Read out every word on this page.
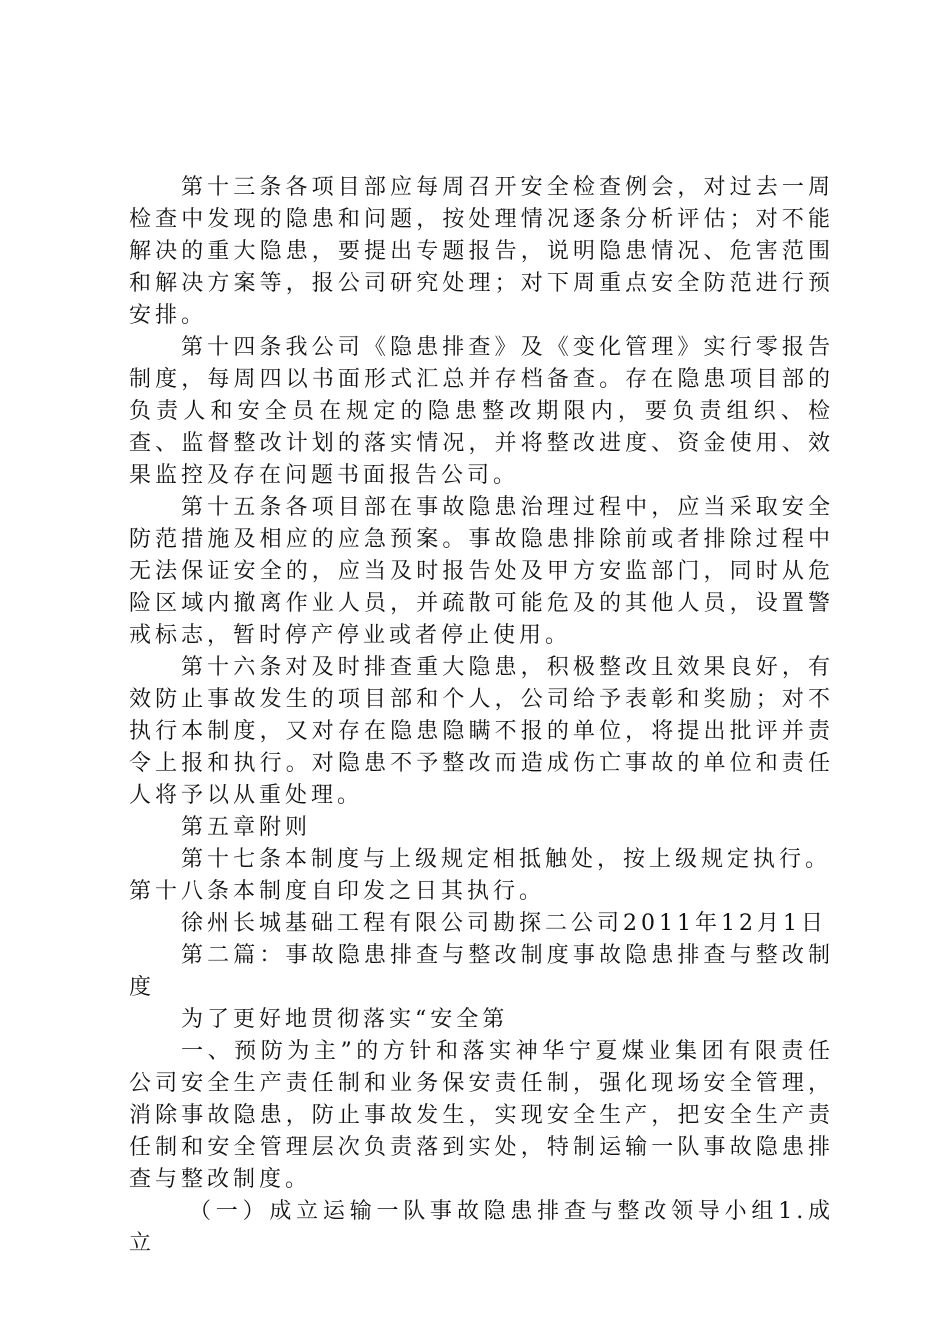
第十三条各项目部应每周召开安全检查例会，对过去一周检查中发现的隐患和问题，按处理情况逐条分析评估；对不能解决的重大隐患，要提出专题报告，说明隐患情况、危害范围和解决方案等，报公司研究处理；对下周重点安全防范进行预安排。

第十四条我公司《隐患排查》及《变化管理》实行零报告制度，每周四以书面形式汇总并存档备查。存在隐患项目部的负责人和安全员在规定的隐患整改期限内，要负责组织、检查、监督整改计划的落实情况，并将整改进度、资金使用、效果监控及存在问题书面报告公司。

第十五条各项目部在事故隐患治理过程中，应当采取安全防范措施及相应的应急预案。事故隐患排除前或者排除过程中无法保证安全的，应当及时报告处及甲方安监部门，同时从危险区域内撤离作业人员，并疏散可能危及的其他人员，设置警戒标志，暂时停产停业或者停止使用。

第十六条对及时排查重大隐患，积极整改且效果良好，有效防止事故发生的项目部和个人，公司给予表彰和奖励；对不执行本制度，又对存在隐患隐瞒不报的单位，将提出批评并责令上报和执行。对隐患不予整改而造成伤亡事故的单位和责任人将予以从重处理。

第五章附则

第十七条本制度与上级规定相抵触处，按上级规定执行。

第十八条本制度自印发之日其执行。

徐州长城基础工程有限公司勘探二公司2011年12月1日

第二篇：事故隐患排查与整改制度事故隐患排查与整改制度

为了更好地贯彻落实“安全第

一、预防为主”的方针和落实神华宁夏煤业集团有限责任公司安全生产责任制和业务保安责任制，强化现场安全管理，消除事故隐患，防止事故发生，实现安全生产，把安全生产责任制和安全管理层次负责落到实处，特制运输一队事故隐患排查与整改制度。

（一）成立运输一队事故隐患排查与整改领导小组1.成立
